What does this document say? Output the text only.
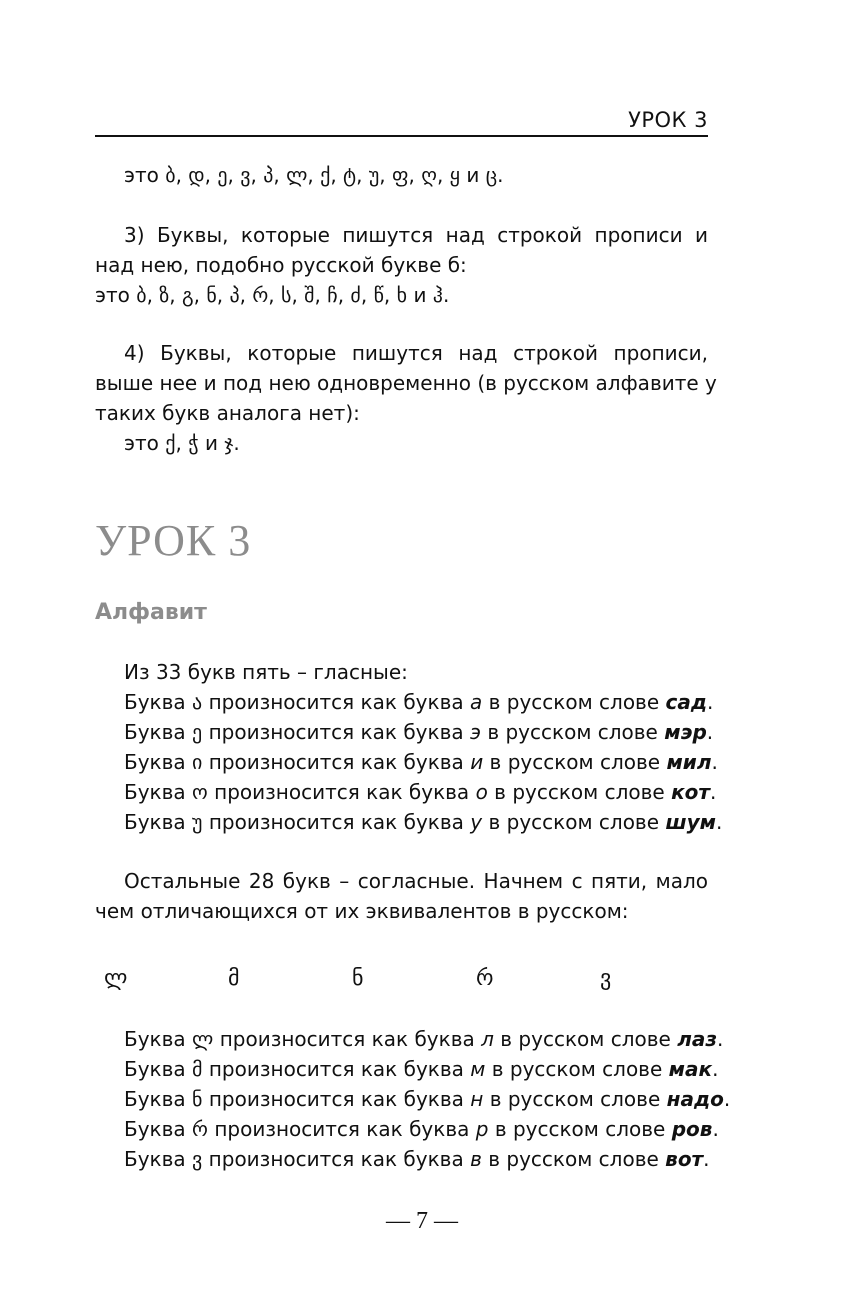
УРОК 3
это ბ, დ, ე, ვ, პ, ლ, ქ, ტ, უ, ფ, ღ, ყ и ც.
3) Буквы, которые пишутся над строкой прописи и
над нею, подобно русской букве б:
это ბ, ზ, გ, ნ, პ, რ, ს, შ, ჩ, ძ, წ, ხ и ჰ.
4) Буквы, которые пишутся над строкой прописи,
выше нее и под нею одновременно (в русском алфавите у
таких букв аналога нет):
это ქ, ჭ и ჯ.
УРОК 3
Алфавит
Из 33 букв пять – гласные:
Буква ა произносится как буква а в русском слове сад.
Буква ე произносится как буква э в русском слове мэр.
Буква ი произносится как буква и в русском слове мил.
Буква ო произносится как буква о в русском слове кот.
Буква უ произносится как буква у в русском слове шум.
Остальные 28 букв – согласные. Начнем с пяти, мало
чем отличающихся от их эквивалентов в русском:
ლ	მ	ნ	რ	ვ
Буква ლ произносится как буква л в русском слове лаз.
Буква მ произносится как буква м в русском слове мак.
Буква ნ произносится как буква н в русском слове надо.
Буква რ произносится как буква р в русском слове ров.
Буква ვ произносится как буква в в русском слове вот.
— 7 —
